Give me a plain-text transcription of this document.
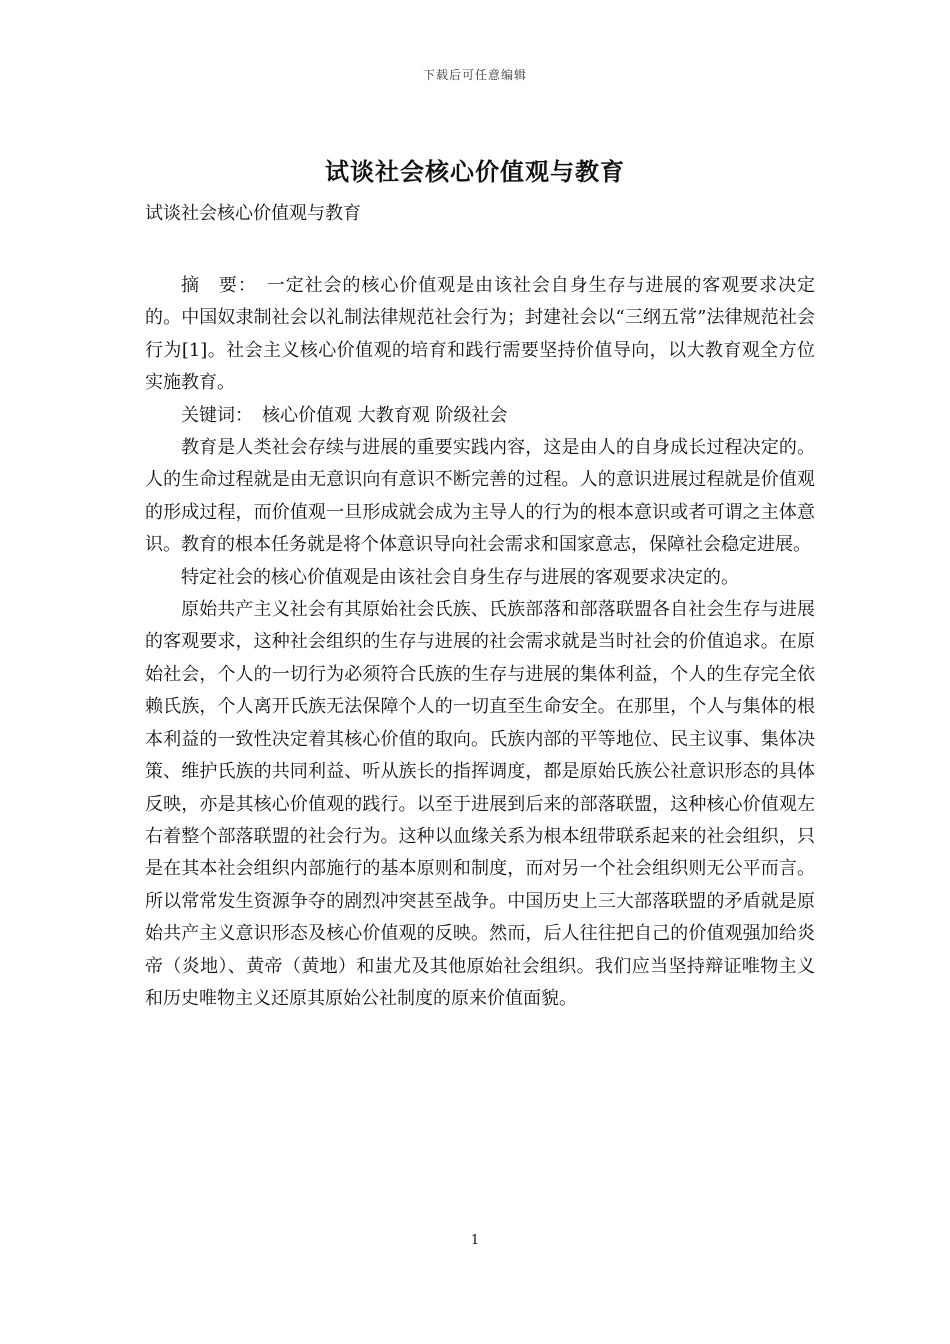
下载后可任意编辑
试谈社会核心价值观与教育
试谈社会核心价值观与教育

摘　要：　一定社会的核心价值观是由该社会自身生存与进展的客观要求决定的。中国奴隶制社会以礼制法律规范社会行为；封建社会以“三纲五常”法律规范社会行为[1]。社会主义核心价值观的培育和践行需要坚持价值导向，以大教育观全方位实施教育。

关键词：　核心价值观 大教育观 阶级社会

教育是人类社会存续与进展的重要实践内容，这是由人的自身成长过程决定的。人的生命过程就是由无意识向有意识不断完善的过程。人的意识进展过程就是价值观的形成过程，而价值观一旦形成就会成为主导人的行为的根本意识或者可谓之主体意识。教育的根本任务就是将个体意识导向社会需求和国家意志，保障社会稳定进展。

特定社会的核心价值观是由该社会自身生存与进展的客观要求决定的。

原始共产主义社会有其原始社会氏族、氏族部落和部落联盟各自社会生存与进展的客观要求，这种社会组织的生存与进展的社会需求就是当时社会的价值追求。在原始社会，个人的一切行为必须符合氏族的生存与进展的集体利益，个人的生存完全依赖氏族，个人离开氏族无法保障个人的一切直至生命安全。在那里，个人与集体的根本利益的一致性决定着其核心价值的取向。氏族内部的平等地位、民主议事、集体决策、维护氏族的共同利益、听从族长的指挥调度，都是原始氏族公社意识形态的具体反映，亦是其核心价值观的践行。以至于进展到后来的部落联盟，这种核心价值观左右着整个部落联盟的社会行为。这种以血缘关系为根本纽带联系起来的社会组织，只是在其本社会组织内部施行的基本原则和制度，而对另一个社会组织则无公平而言。所以常常发生资源争夺的剧烈冲突甚至战争。中国历史上三大部落联盟的矛盾就是原始共产主义意识形态及核心价值观的反映。然而，后人往往把自己的价值观强加给炎帝（炎地）、黄帝（黄地）和蚩尤及其他原始社会组织。我们应当坚持辩证唯物主义和历史唯物主义还原其原始公社制度的原来价值面貌。

1
